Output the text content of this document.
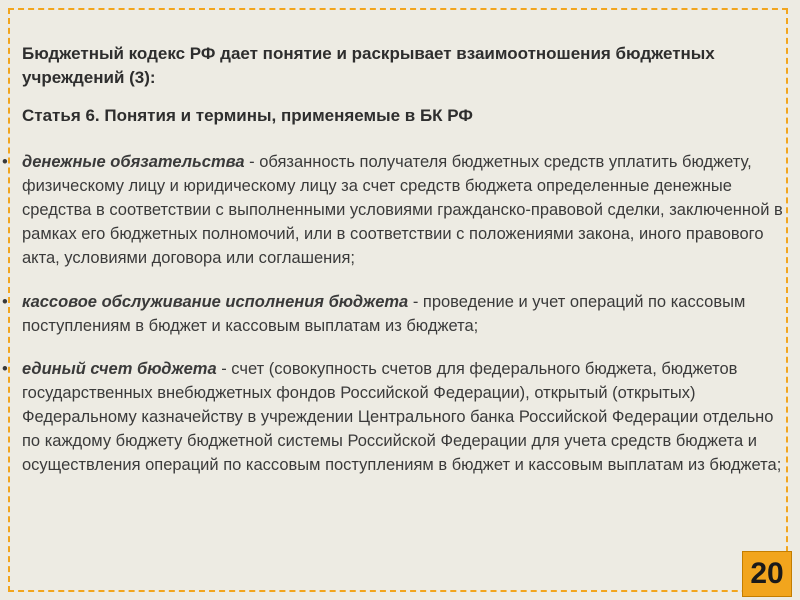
Бюджетный кодекс РФ дает понятие и раскрывает взаимоотношения бюджетных учреждений (3):
Статья 6. Понятия и термины, применяемые в БК РФ
• денежные обязательства - обязанность получателя бюджетных средств уплатить бюджету, физическому лицу и юридическому лицу за счет средств бюджета определенные денежные средства в соответствии с выполненными условиями гражданско-правовой сделки, заключенной в рамках его бюджетных полномочий, или в соответствии с положениями закона, иного правового акта, условиями договора или соглашения;
• кассовое обслуживание исполнения бюджета - проведение и учет операций по кассовым поступлениям в бюджет и кассовым выплатам из бюджета;
• единый счет бюджета - счет (совокупность счетов для федерального бюджета, бюджетов государственных внебюджетных фондов Российской Федерации), открытый (открытых) Федеральному казначейству в учреждении Центрального банка Российской Федерации отдельно по каждому бюджету бюджетной системы Российской Федерации для учета средств бюджета и осуществления операций по кассовым поступлениям в бюджет и кассовым выплатам из бюджета;
20
